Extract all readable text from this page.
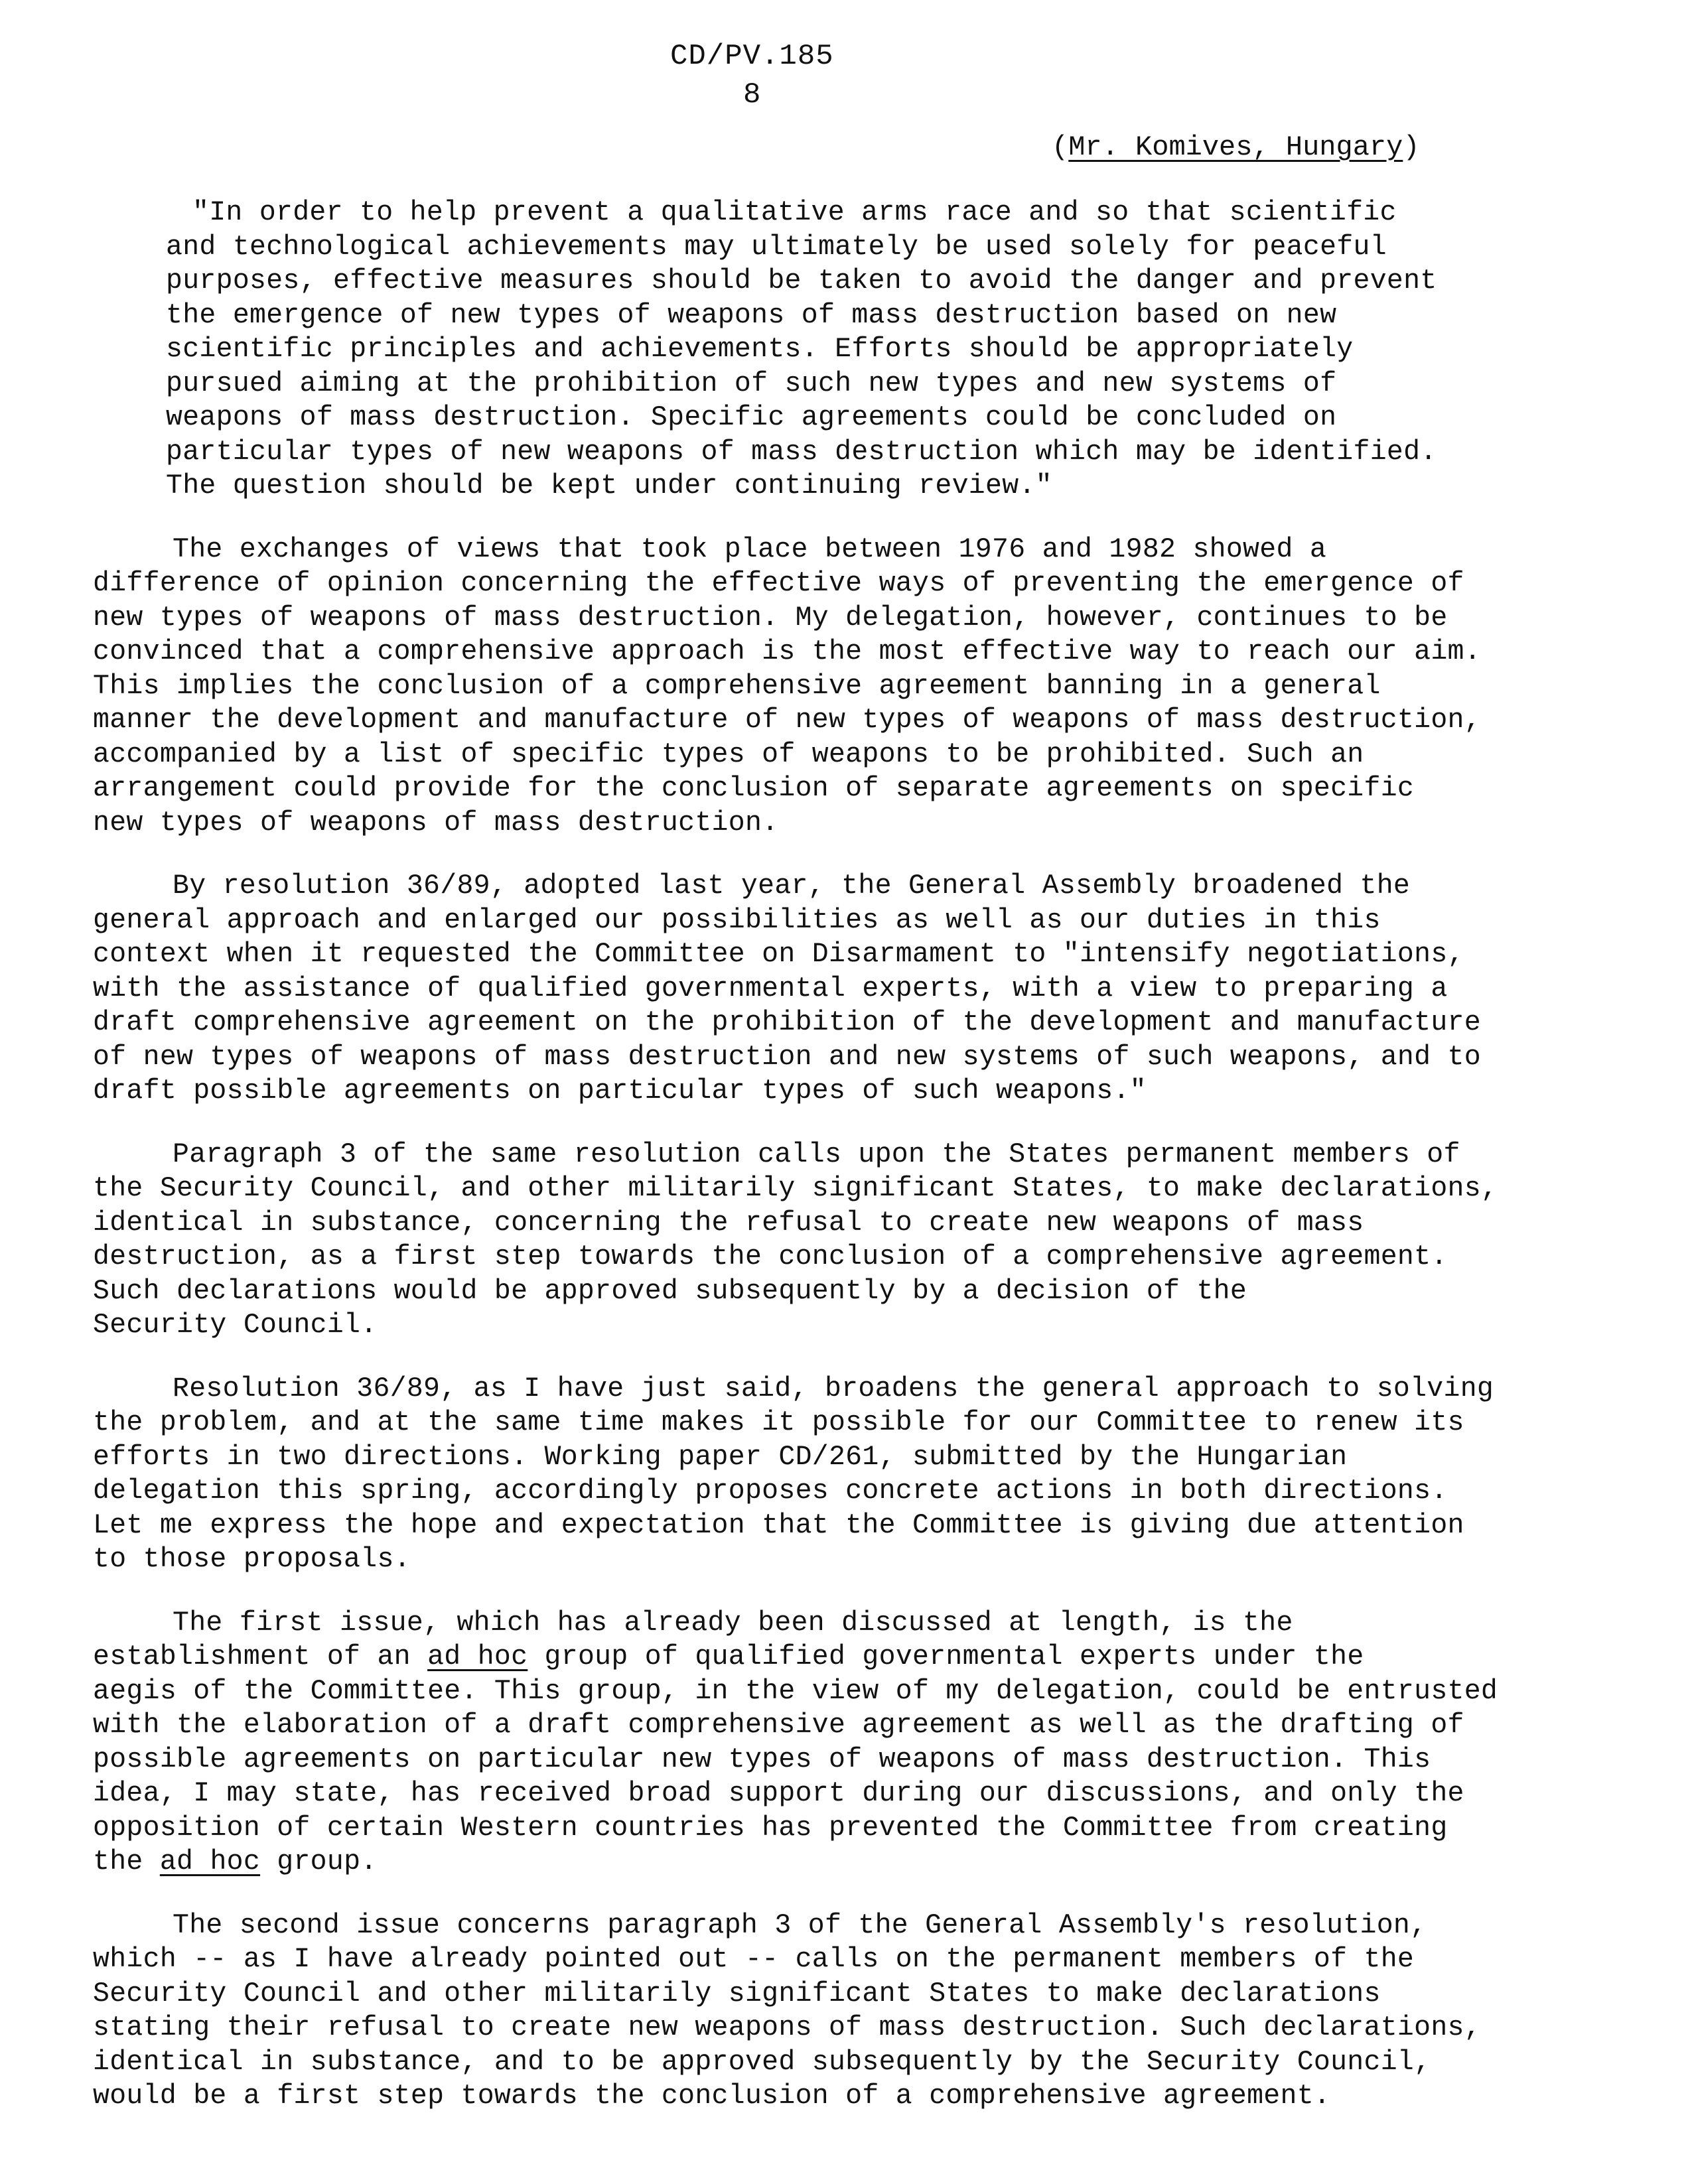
CD/PV.185
8
(Mr. Komives, Hungary)
"In order to help prevent a qualitative arms race and so that scientific
and technological achievements may ultimately be used solely for peaceful
purposes, effective measures should be taken to avoid the danger and prevent
the emergence of new types of weapons of mass destruction based on new
scientific principles and achievements. Efforts should be appropriately
pursued aiming at the prohibition of such new types and new systems of
weapons of mass destruction. Specific agreements could be concluded on
particular types of new weapons of mass destruction which may be identified.
The question should be kept under continuing review."
The exchanges of views that took place between 1976 and 1982 showed a
difference of opinion concerning the effective ways of preventing the emergence of
new types of weapons of mass destruction. My delegation, however, continues to be
convinced that a comprehensive approach is the most effective way to reach our aim.
This implies the conclusion of a comprehensive agreement banning in a general
manner the development and manufacture of new types of weapons of mass destruction,
accompanied by a list of specific types of weapons to be prohibited. Such an
arrangement could provide for the conclusion of separate agreements on specific
new types of weapons of mass destruction.
By resolution 36/89, adopted last year, the General Assembly broadened the
general approach and enlarged our possibilities as well as our duties in this
context when it requested the Committee on Disarmament to "intensify negotiations,
with the assistance of qualified governmental experts, with a view to preparing a
draft comprehensive agreement on the prohibition of the development and manufacture
of new types of weapons of mass destruction and new systems of such weapons, and to
draft possible agreements on particular types of such weapons."
Paragraph 3 of the same resolution calls upon the States permanent members of
the Security Council, and other militarily significant States, to make declarations,
identical in substance, concerning the refusal to create new weapons of mass
destruction, as a first step towards the conclusion of a comprehensive agreement.
Such declarations would be approved subsequently by a decision of the
Security Council.
Resolution 36/89, as I have just said, broadens the general approach to solving
the problem, and at the same time makes it possible for our Committee to renew its
efforts in two directions. Working paper CD/261, submitted by the Hungarian
delegation this spring, accordingly proposes concrete actions in both directions.
Let me express the hope and expectation that the Committee is giving due attention
to those proposals.
The first issue, which has already been discussed at length, is the
establishment of an ad hoc group of qualified governmental experts under the
aegis of the Committee. This group, in the view of my delegation, could be entrusted
with the elaboration of a draft comprehensive agreement as well as the drafting of
possible agreements on particular new types of weapons of mass destruction. This
idea, I may state, has received broad support during our discussions, and only the
opposition of certain Western countries has prevented the Committee from creating
the ad hoc group.
The second issue concerns paragraph 3 of the General Assembly's resolution,
which -- as I have already pointed out -- calls on the permanent members of the
Security Council and other militarily significant States to make declarations
stating their refusal to create new weapons of mass destruction. Such declarations,
identical in substance, and to be approved subsequently by the Security Council,
would be a first step towards the conclusion of a comprehensive agreement.
